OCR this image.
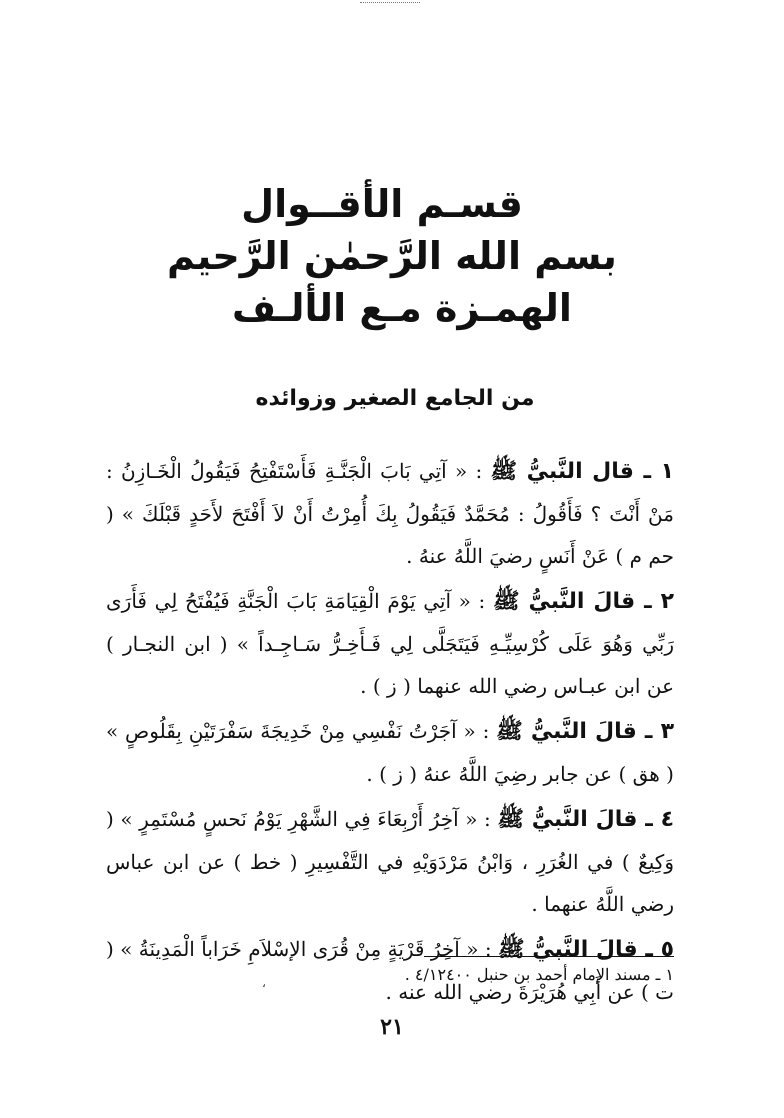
قسـم الأقــوال

بسم الله الرَّحمٰن الرَّحيم

الهمـزة مـع الألـف

من الجامع الصغير وزوائده

١ ـ قال النَّبيُّ ﷺ : « آتِي بَابَ الْجَنَّـةِ فَأَسْتَفْتِحُ فَيَقُولُ الْخَـازِنُ : مَنْ أَنْتَ ؟ فَأَقُولُ : مُحَمَّدٌ فَيَقُولُ بِكَ أُمِرْتُ أَنْ لاَ أَفْتَحَ لأَحَدٍ قَبْلَكَ » ( حم م ) عَنْ أَنَسٍ رضيَ اللَّهُ عنهُ .

٢ ـ قالَ النَّبيُّ ﷺ : « آتِي يَوْمَ الْقِيَامَةِ بَابَ الْجَنَّةِ فَيُفْتَحُ لِي فَأَرَى رَبِّي وَهُوَ عَلَى كُرْسِيِّـهِ فَيَتَجَلَّى لِي فَـأَخِـرُّ سَـاجِـداً » ( ابن النجـار ) عن ابن عبـاس رضي الله عنهما ( ز ) .

٣ ـ قالَ النَّبيُّ ﷺ : « آجَرْتُ نَفْسِي مِنْ خَدِيجَةَ سَفْرَتَيْنِ بِقَلُوصٍ » ( هق ) عن جابر رضِيَ اللَّهُ عنهُ ( ز ) .

٤ ـ قالَ النَّبيُّ ﷺ : « آخِرُ أَرْبِعَاءَ فِي الشَّهْرِ يَوْمُ نَحسٍ مُسْتَمِرٍ » ( وَكِيعٌ ) في الغُرَرِ ، وَابْنُ مَرْدَوَيْهِ في التَّفْسِيرِ ( خط ) عن ابن عباس رضي اللَّهُ عنهما .

٥ ـ قالَ النَّبيُّ ﷺ : « آخِرُ قَرْيَةٍ مِنْ قُرَى الإسْلاَمِ خَرَاباً الْمَدِينَةُ » ( ت ) عن أَبِي هُرَيْرَةَ رضي الله عنه .

١ ـ مسند الإمام أحمد بن حنبل ٤/١٢٤٠٠ .

،
٢١
